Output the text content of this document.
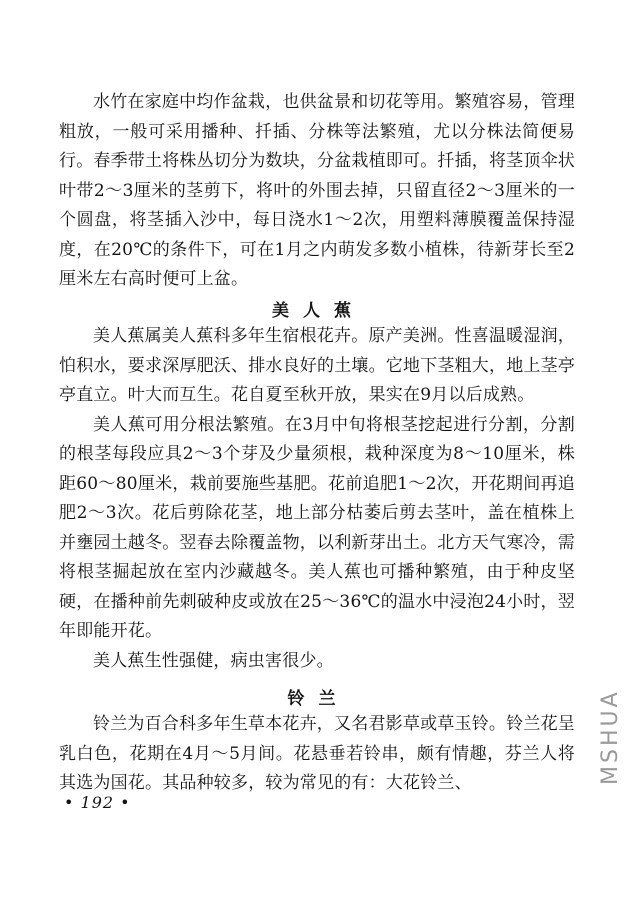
水竹在家庭中均作盆栽，也供盆景和切花等用。繁殖容易，管理粗放，一般可采用播种、扦插、分株等法繁殖，尤以分株法简便易行。春季带土将株丛切分为数块，分盆栽植即可。扦插，将茎顶伞状叶带2～3厘米的茎剪下，将叶的外围去掉，只留直径2～3厘米的一个圆盘，将茎插入沙中，每日浇水1～2次，用塑料薄膜覆盖保持湿度，在20℃的条件下，可在1月之内萌发多数小植株，待新芽长至2厘米左右高时便可上盆。

美人蕉

美人蕉属美人蕉科多年生宿根花卉。原产美洲。性喜温暖湿润，怕积水，要求深厚肥沃、排水良好的土壤。它地下茎粗大，地上茎亭亭直立。叶大而互生。花自夏至秋开放，果实在9月以后成熟。

美人蕉可用分根法繁殖。在3月中旬将根茎挖起进行分割，分割的根茎每段应具2～3个芽及少量须根，栽种深度为8～10厘米，株距60～80厘米，栽前要施些基肥。花前追肥1～2次，开花期间再追肥2～3次。花后剪除花茎，地上部分枯萎后剪去茎叶，盖在植株上并壅园土越冬。翌春去除覆盖物，以利新芽出土。北方天气寒冷，需将根茎掘起放在室内沙藏越冬。美人蕉也可播种繁殖，由于种皮坚硬，在播种前先刺破种皮或放在25～36℃的温水中浸泡24小时，翌年即能开花。

美人蕉生性强健，病虫害很少。

铃兰

铃兰为百合科多年生草本花卉，又名君影草或草玉铃。铃兰花呈乳白色，花期在4月～5月间。花悬垂若铃串，颇有情趣，芬兰人将其选为国花。其品种较多，较为常见的有：大花铃兰、

• 192 •
MSHUA
